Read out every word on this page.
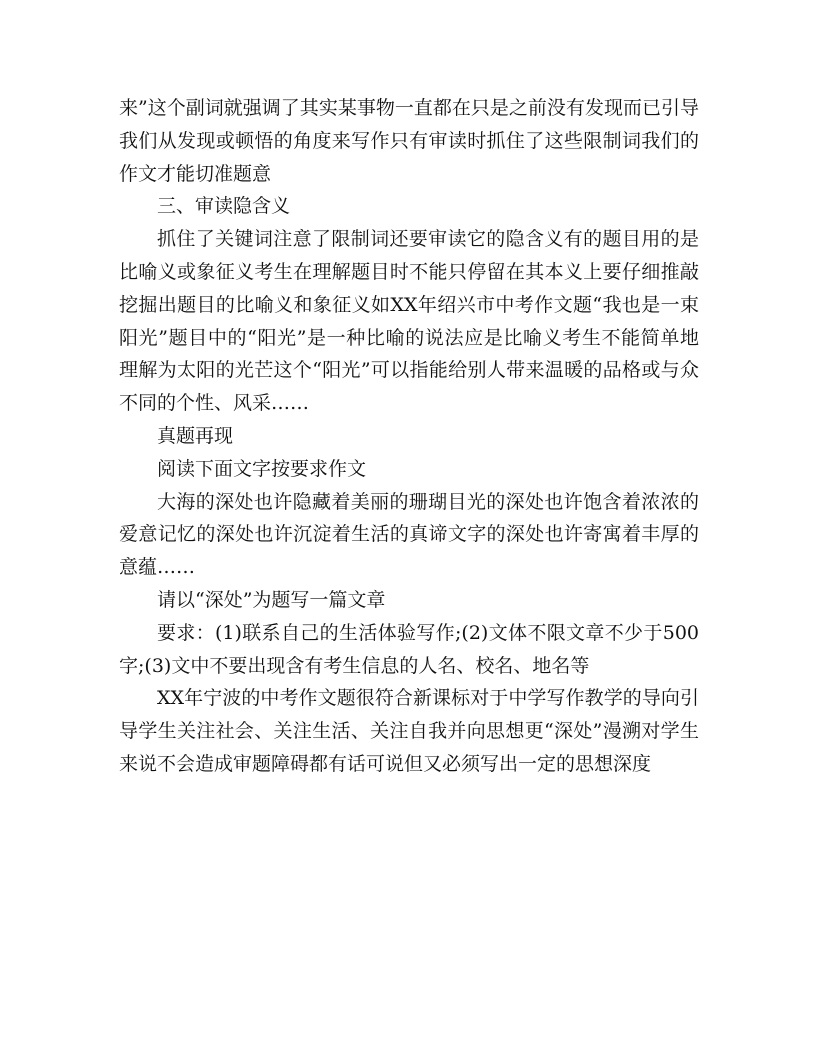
来”这个副词就强调了其实某事物一直都在只是之前没有发现而已引导我们从发现或顿悟的角度来写作只有审读时抓住了这些限制词我们的作文才能切准题意

三、审读隐含义

抓住了关键词注意了限制词还要审读它的隐含义有的题目用的是比喻义或象征义考生在理解题目时不能只停留在其本义上要仔细推敲挖掘出题目的比喻义和象征义如XX年绍兴市中考作文题“我也是一束阳光”题目中的“阳光”是一种比喻的说法应是比喻义考生不能简单地理解为太阳的光芒这个“阳光”可以指能给别人带来温暖的品格或与众不同的个性、风采……

真题再现

阅读下面文字按要求作文

大海的深处也许隐藏着美丽的珊瑚目光的深处也许饱含着浓浓的爱意记忆的深处也许沉淀着生活的真谛文字的深处也许寄寓着丰厚的意蕴……

请以“深处”为题写一篇文章

要求：(1)联系自己的生活体验写作;(2)文体不限文章不少于500字;(3)文中不要出现含有考生信息的人名、校名、地名等

XX年宁波的中考作文题很符合新课标对于中学写作教学的导向引导学生关注社会、关注生活、关注自我并向思想更“深处”漫溯对学生来说不会造成审题障碍都有话可说但又必须写出一定的思想深度
